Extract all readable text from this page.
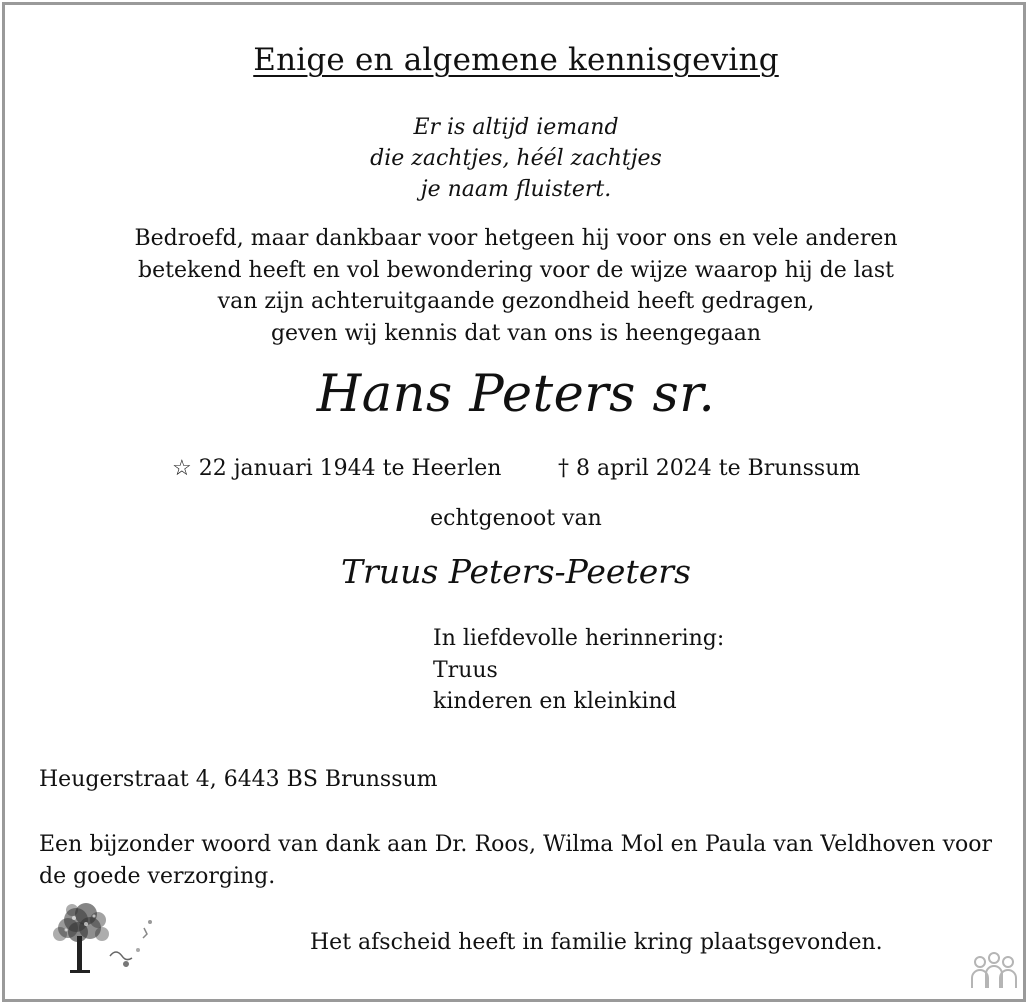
Enige en algemene kennisgeving
Er is altijd iemand
die zachtjes, héél zachtjes
je naam fluistert.
Bedroefd, maar dankbaar voor hetgeen hij voor ons en vele anderen
betekend heeft en vol bewondering voor de wijze waarop hij de last
van zijn achteruitgaande gezondheid heeft gedragen,
geven wij kennis dat van ons is heengegaan
Hans Peters sr.
☆ 22 januari 1944 te Heerlen	† 8 april 2024 te Brunssum
echtgenoot van
Truus Peters-Peeters
In liefdevolle herinnering:
Truus
kinderen en kleinkind
Heugerstraat 4, 6443 BS Brunssum
Een bijzonder woord van dank aan Dr. Roos, Wilma Mol en Paula van Veldhoven voor de goede verzorging.
Het afscheid heeft in familie kring plaatsgevonden.
